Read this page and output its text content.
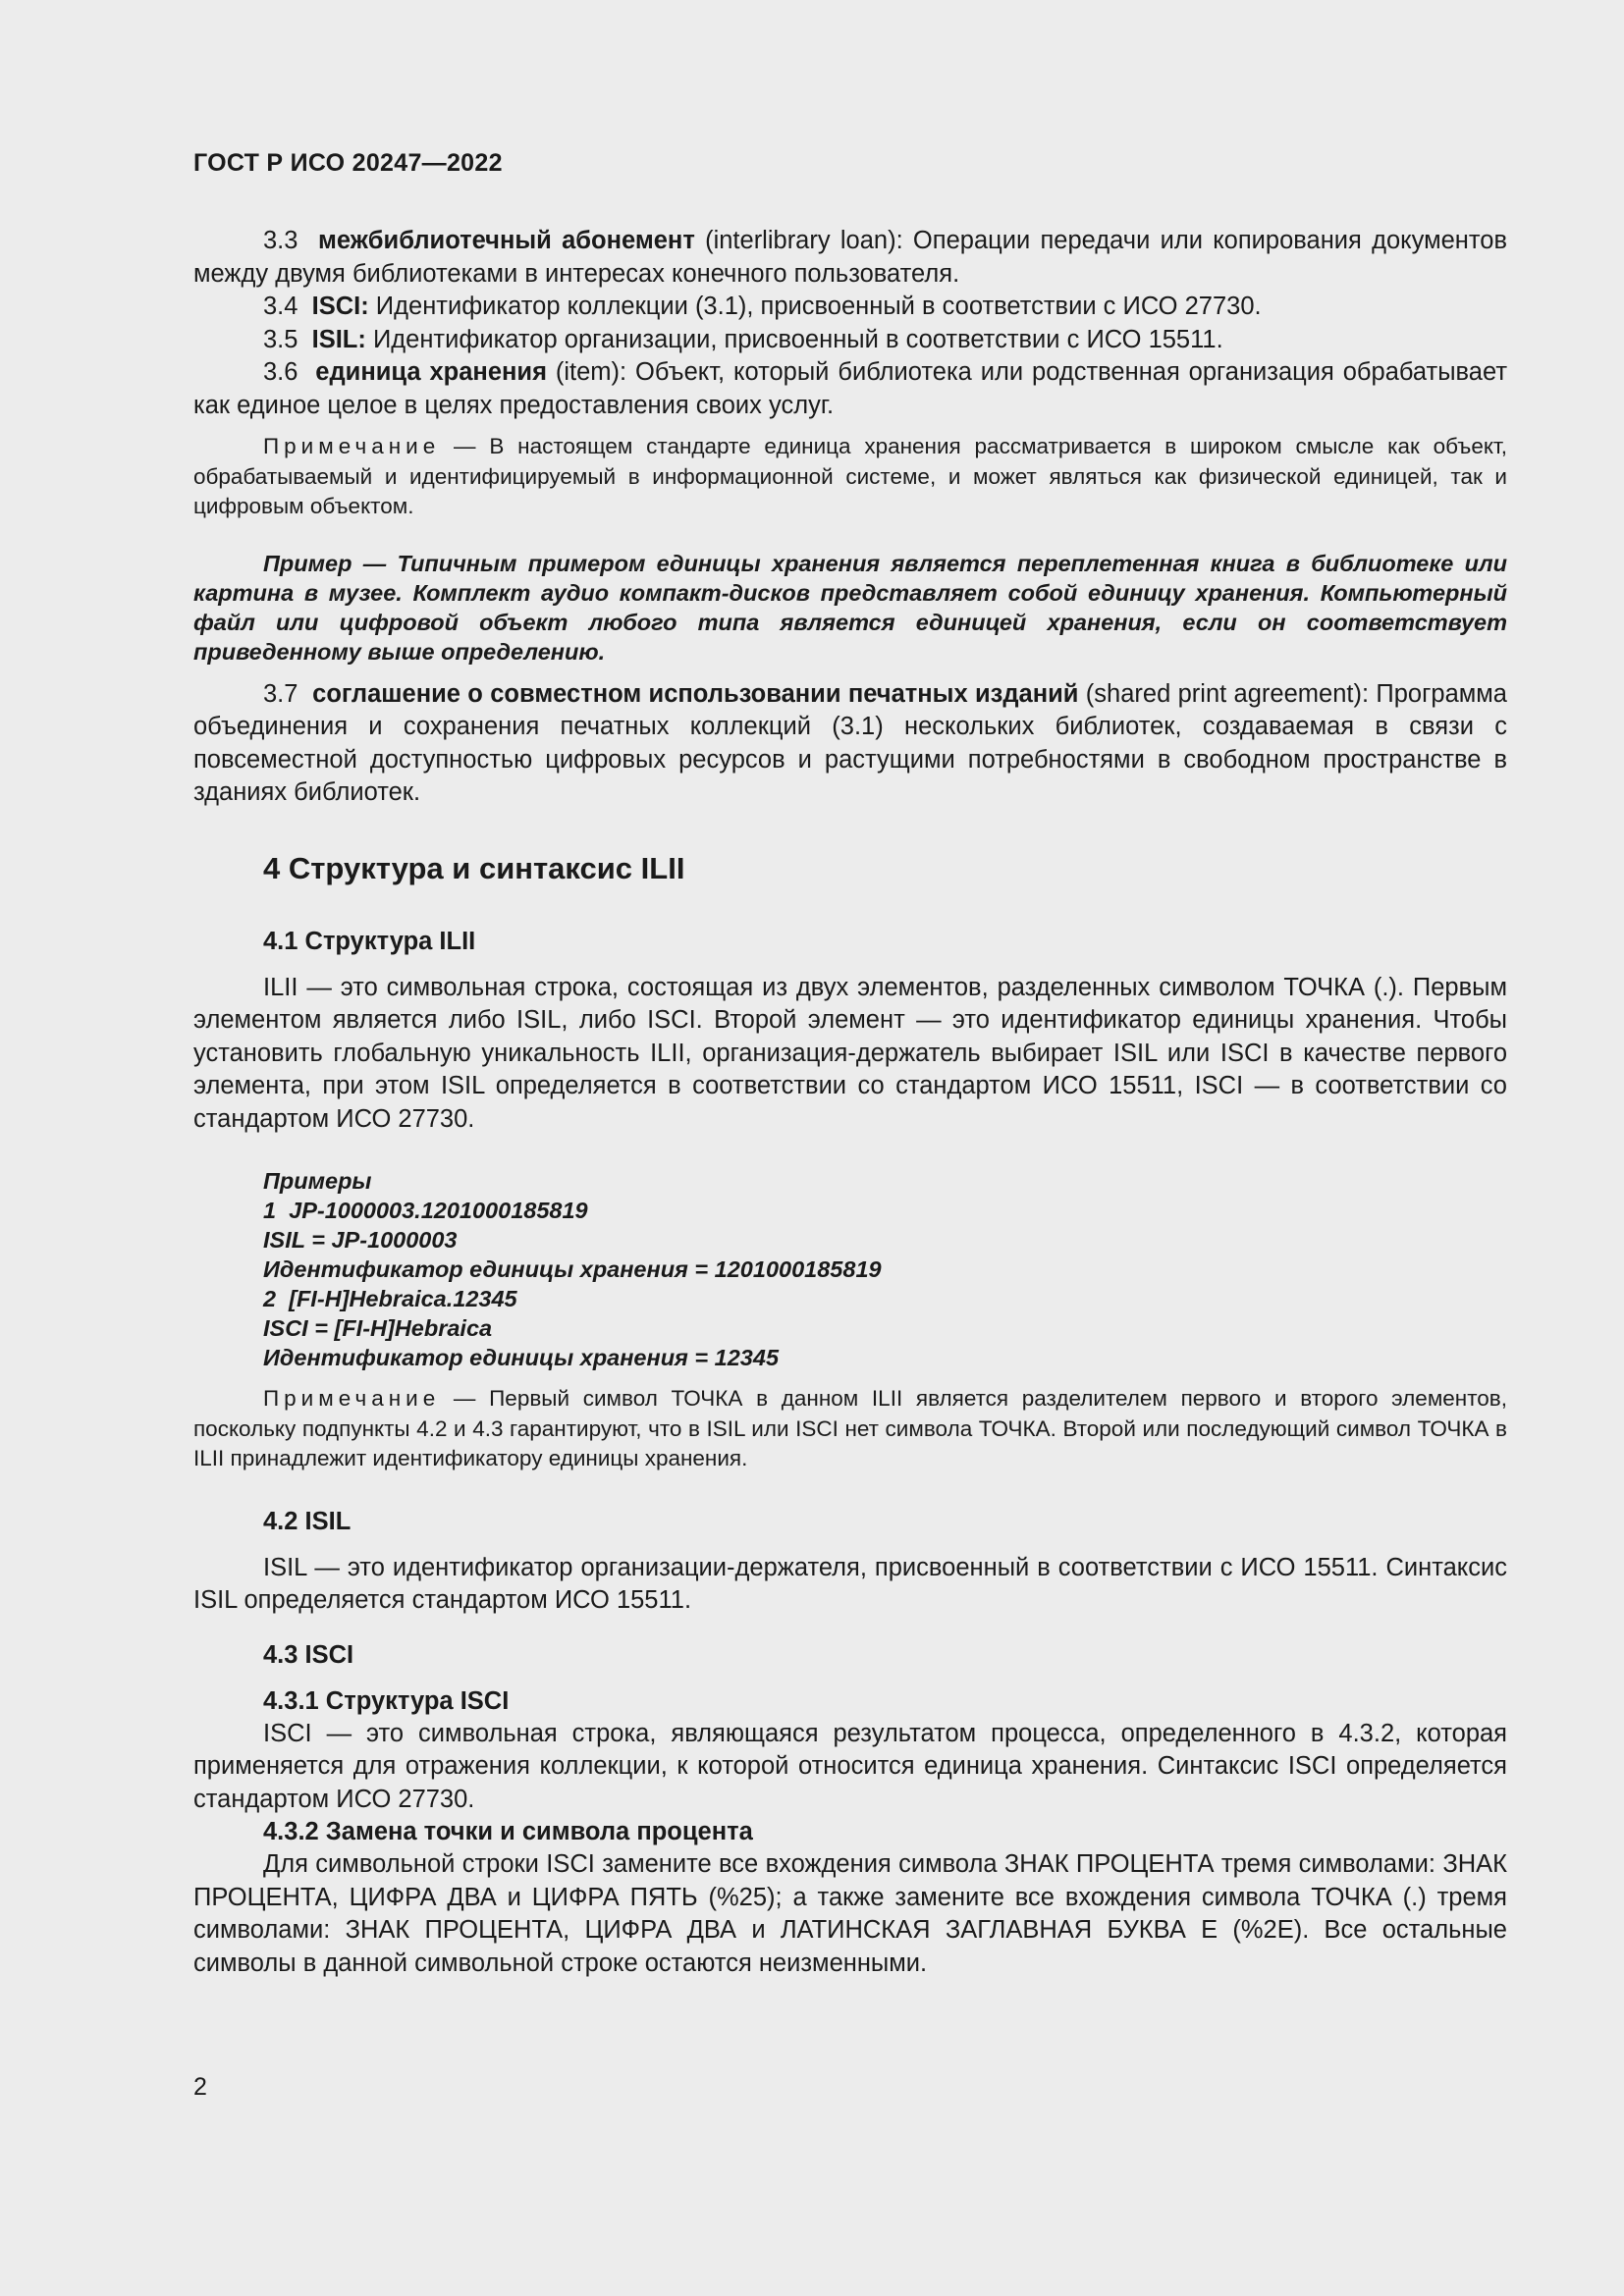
ГОСТ Р ИСО 20247—2022

3.3 межбиблиотечный абонемент (interlibrary loan): Операции передачи или копирования документов между двумя библиотеками в интересах конечного пользователя.

3.4 ISCI: Идентификатор коллекции (3.1), присвоенный в соответствии с ИСО 27730.

3.5 ISIL: Идентификатор организации, присвоенный в соответствии с ИСО 15511.

3.6 единица хранения (item): Объект, который библиотека или родственная организация обрабатывает как единое целое в целях предоставления своих услуг.

Примечание — В настоящем стандарте единица хранения рассматривается в широком смысле как объект, обрабатываемый и идентифицируемый в информационной системе, и может являться как физической единицей, так и цифровым объектом.

Пример — Типичным примером единицы хранения является переплетенная книга в библиотеке или картина в музее. Комплект аудио компакт-дисков представляет собой единицу хранения. Компьютерный файл или цифровой объект любого типа является единицей хранения, если он соответствует приведенному выше определению.

3.7 соглашение о совместном использовании печатных изданий (shared print agreement): Программа объединения и сохранения печатных коллекций (3.1) нескольких библиотек, создаваемая в связи с повсеместной доступностью цифровых ресурсов и растущими потребностями в свободном пространстве в зданиях библиотек.

4 Структура и синтаксис ILII
4.1 Структура ILII

ILII — это символьная строка, состоящая из двух элементов, разделенных символом ТОЧКА (.). Первым элементом является либо ISIL, либо ISCI. Второй элемент — это идентификатор единицы хранения. Чтобы установить глобальную уникальность ILII, организация-держатель выбирает ISIL или ISCI в качестве первого элемента, при этом ISIL определяется в соответствии со стандартом ИСО 15511, ISCI — в соответствии со стандартом ИСО 27730.

Примеры
1  JP-1000003.1201000185819
ISIL = JP-1000003
Идентификатор единицы хранения = 1201000185819
2  [FI-H]Hebraica.12345
ISCI = [FI-H]Hebraica
Идентификатор единицы хранения = 12345

Примечание — Первый символ ТОЧКА в данном ILII является разделителем первого и второго элементов, поскольку подпункты 4.2 и 4.3 гарантируют, что в ISIL или ISCI нет символа ТОЧКА. Второй или последующий символ ТОЧКА в ILII принадлежит идентификатору единицы хранения.

4.2 ISIL

ISIL — это идентификатор организации-держателя, присвоенный в соответствии с ИСО 15511. Синтаксис ISIL определяется стандартом ИСО 15511.

4.3 ISCI
4.3.1 Структура ISCI

ISCI — это символьная строка, являющаяся результатом процесса, определенного в 4.3.2, которая применяется для отражения коллекции, к которой относится единица хранения. Синтаксис ISCI определяется стандартом ИСО 27730.

4.3.2 Замена точки и символа процента

Для символьной строки ISCI замените все вхождения символа ЗНАК ПРОЦЕНТА тремя символами: ЗНАК ПРОЦЕНТА, ЦИФРА ДВА и ЦИФРА ПЯТЬ (%25); а также замените все вхождения символа ТОЧКА (.) тремя символами: ЗНАК ПРОЦЕНТА, ЦИФРА ДВА и ЛАТИНСКАЯ ЗАГЛАВНАЯ БУКВА E (%2E). Все остальные символы в данной символьной строке остаются неизменными.

2
